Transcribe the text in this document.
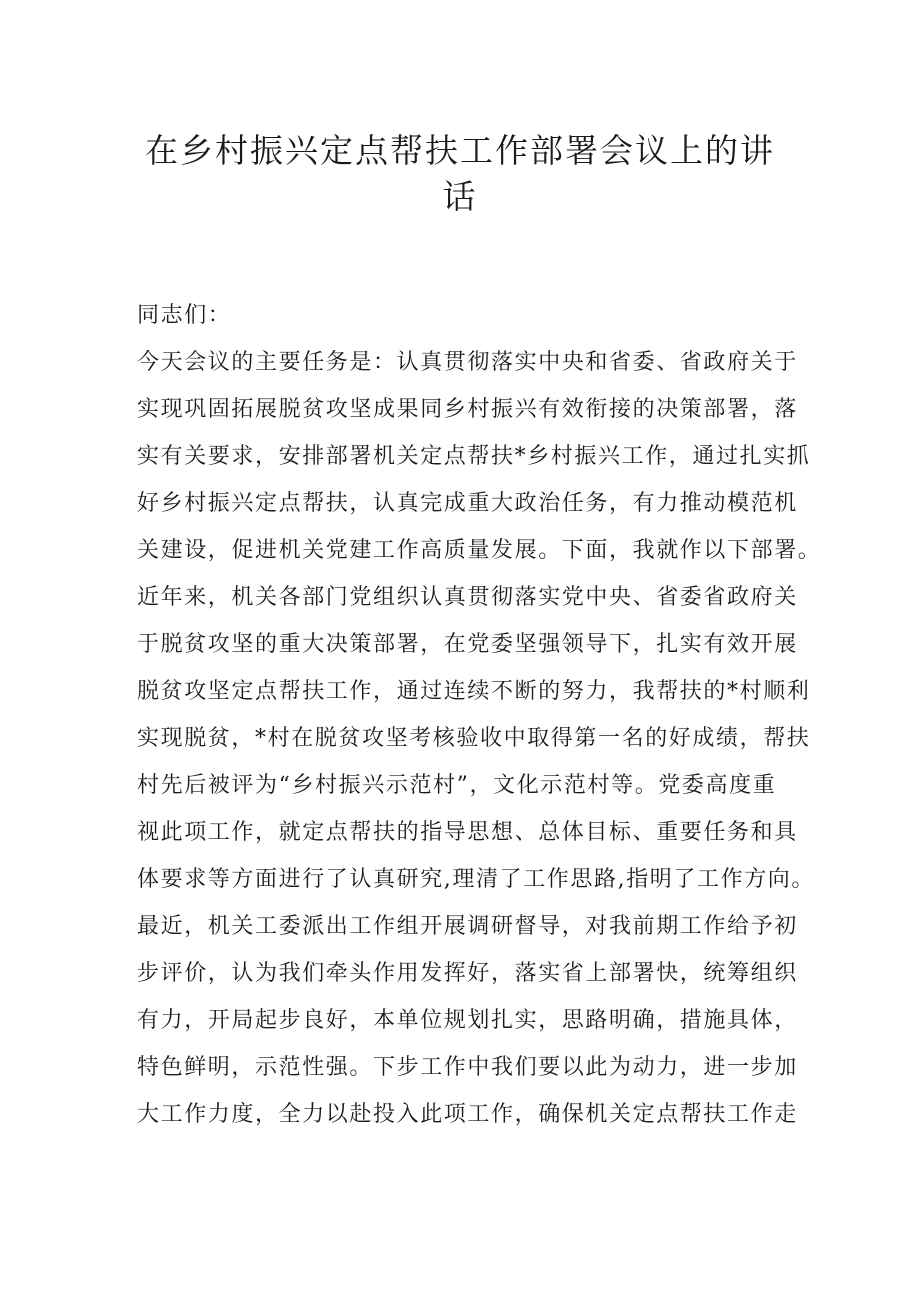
在乡村振兴定点帮扶工作部署会议上的讲
话
同志们：
今天会议的主要任务是：认真贯彻落实中央和省委、省政府关于
实现巩固拓展脱贫攻坚成果同乡村振兴有效衔接的决策部署，落
实有关要求，安排部署机关定点帮扶*乡村振兴工作，通过扎实抓
好乡村振兴定点帮扶，认真完成重大政治任务，有力推动模范机
关建设，促进机关党建工作高质量发展。下面，我就作以下部署。
近年来，机关各部门党组织认真贯彻落实党中央、省委省政府关
于脱贫攻坚的重大决策部署，在党委坚强领导下，扎实有效开展
脱贫攻坚定点帮扶工作，通过连续不断的努力，我帮扶的*村顺利
实现脱贫，*村在脱贫攻坚考核验收中取得第一名的好成绩，帮扶
村先后被评为“乡村振兴示范村”，文化示范村等。党委高度重
视此项工作，就定点帮扶的指导思想、总体目标、重要任务和具
体要求等方面进行了认真研究,理清了工作思路,指明了工作方向。
最近，机关工委派出工作组开展调研督导，对我前期工作给予初
步评价，认为我们牵头作用发挥好，落实省上部署快，统筹组织
有力，开局起步良好，本单位规划扎实，思路明确，措施具体，
特色鲜明，示范性强。下步工作中我们要以此为动力，进一步加
大工作力度，全力以赴投入此项工作，确保机关定点帮扶工作走
